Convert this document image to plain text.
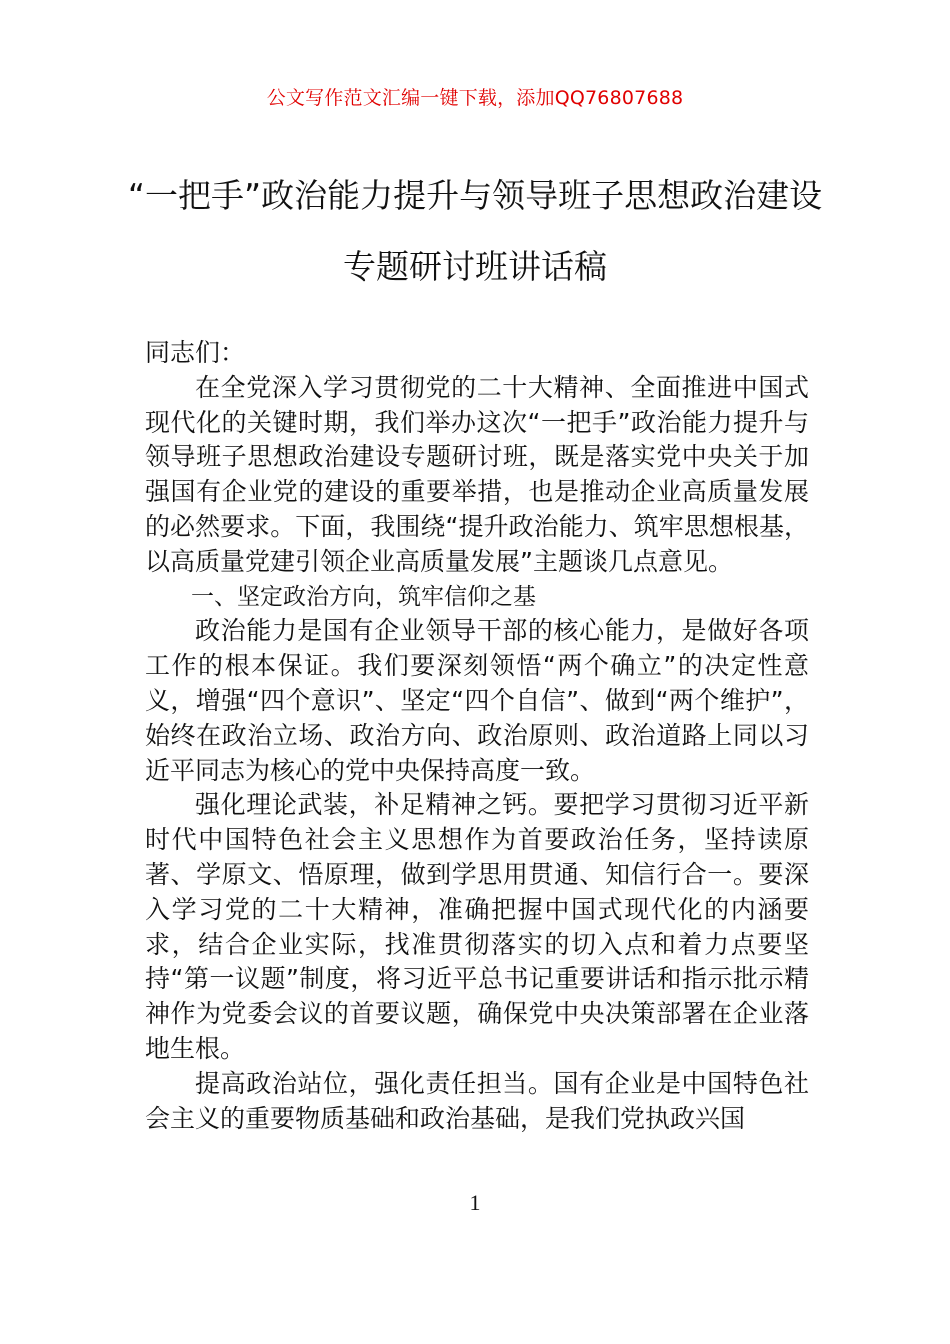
公文写作范文汇编一键下载，添加QQ76807688
“一把手”政治能力提升与领导班子思想政治建设专题研讨班讲话稿

同志们：

在全党深入学习贯彻党的二十大精神、全面推进中国式现代化的关键时期，我们举办这次“一把手”政治能力提升与领导班子思想政治建设专题研讨班，既是落实党中央关于加强国有企业党的建设的重要举措，也是推动企业高质量发展的必然要求。下面，我围绕“提升政治能力、筑牢思想根基，以高质量党建引领企业高质量发展”主题谈几点意见。

一、坚定政治方向，筑牢信仰之基

政治能力是国有企业领导干部的核心能力，是做好各项工作的根本保证。我们要深刻领悟“两个确立”的决定性意义，增强“四个意识”、坚定“四个自信”、做到“两个维护”，始终在政治立场、政治方向、政治原则、政治道路上同以习近平同志为核心的党中央保持高度一致。

强化理论武装，补足精神之钙。要把学习贯彻习近平新时代中国特色社会主义思想作为首要政治任务，坚持读原著、学原文、悟原理，做到学思用贯通、知信行合一。要深入学习党的二十大精神，准确把握中国式现代化的内涵要求，结合企业实际，找准贯彻落实的切入点和着力点要坚持“第一议题”制度，将习近平总书记重要讲话和指示批示精神作为党委会议的首要议题，确保党中央决策部署在企业落地生根。

提高政治站位，强化责任担当。国有企业是中国特色社会主义的重要物质基础和政治基础，是我们党执政兴国

1
